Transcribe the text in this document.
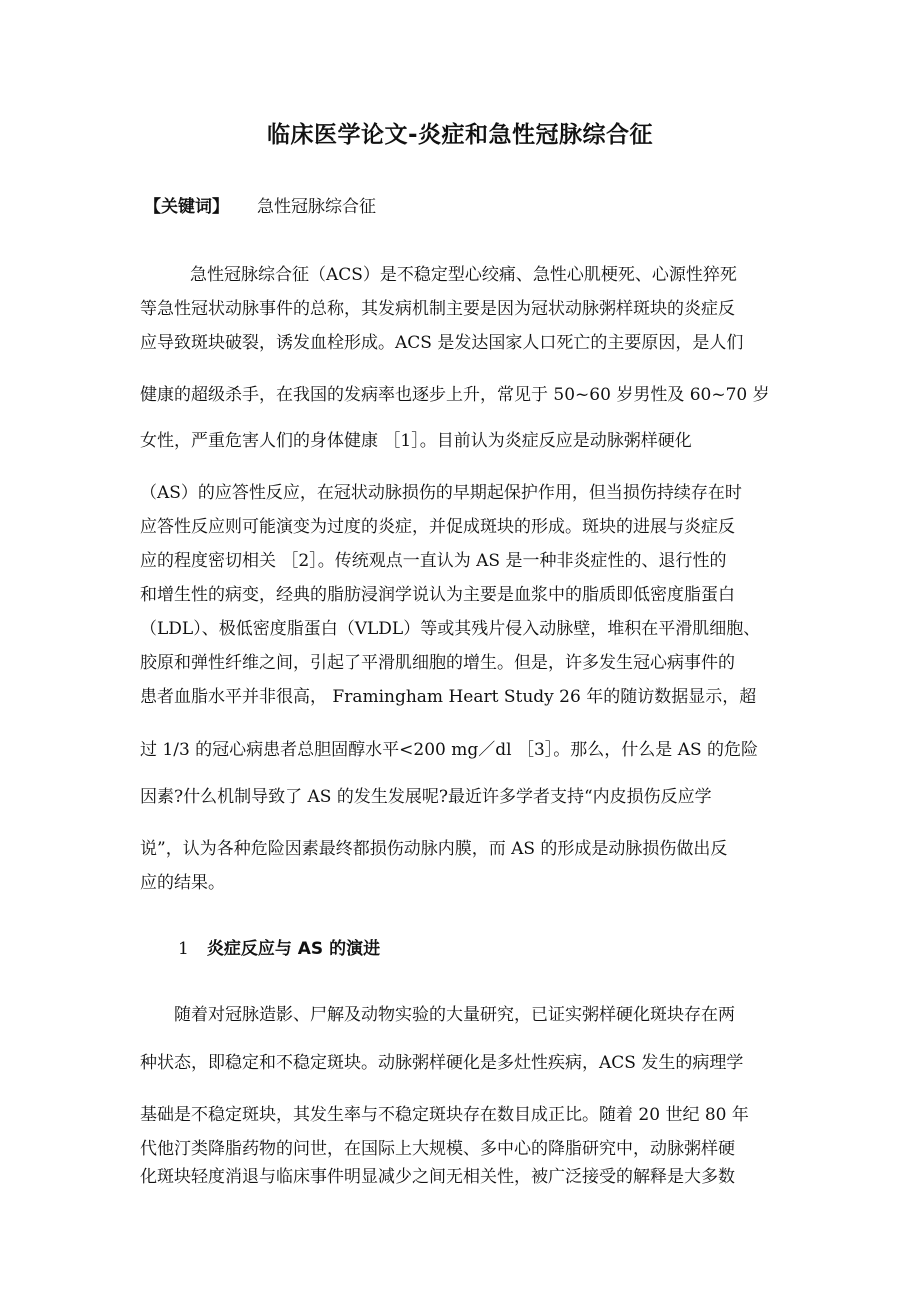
临床医学论文-炎症和急性冠脉综合征
【关键词】 急性冠脉综合征
急性冠脉综合征（ACS）是不稳定型心绞痛、急性心肌梗死、心源性猝死
等急性冠状动脉事件的总称，其发病机制主要是因为冠状动脉粥样斑块的炎症反
应导致斑块破裂，诱发血栓形成。ACS 是发达国家人口死亡的主要原因，是人们
健康的超级杀手，在我国的发病率也逐步上升，常见于 50~60 岁男性及 60~70 岁
女性，严重危害人们的身体健康 ［1］。目前认为炎症反应是动脉粥样硬化
（AS）的应答性反应，在冠状动脉损伤的早期起保护作用，但当损伤持续存在时
应答性反应则可能演变为过度的炎症，并促成斑块的形成。斑块的进展与炎症反
应的程度密切相关 ［2］。传统观点一直认为 AS 是一种非炎症性的、退行性的
和增生性的病变，经典的脂肪浸润学说认为主要是血浆中的脂质即低密度脂蛋白
（LDL）、极低密度脂蛋白（VLDL）等或其残片侵入动脉壁，堆积在平滑肌细胞、
胶原和弹性纤维之间，引起了平滑肌细胞的增生。但是，许多发生冠心病事件的
患者血脂水平并非很高， Framingham Heart Study 26 年的随访数据显示，超
过 1/3 的冠心病患者总胆固醇水平<200 mg／dl ［3］。那么，什么是 AS 的危险
因素?什么机制导致了 AS 的发生发展呢?最近许多学者支持“内皮损伤反应学
说”，认为各种危险因素最终都损伤动脉内膜，而 AS 的形成是动脉损伤做出反
应的结果。
1 炎症反应与 AS 的演进
随着对冠脉造影、尸解及动物实验的大量研究，已证实粥样硬化斑块存在两
种状态，即稳定和不稳定斑块。动脉粥样硬化是多灶性疾病，ACS 发生的病理学
基础是不稳定斑块，其发生率与不稳定斑块存在数目成正比。随着 20 世纪 80 年
代他汀类降脂药物的问世，在国际上大规模、多中心的降脂研究中，动脉粥样硬
化斑块轻度消退与临床事件明显减少之间无相关性，被广泛接受的解释是大多数
